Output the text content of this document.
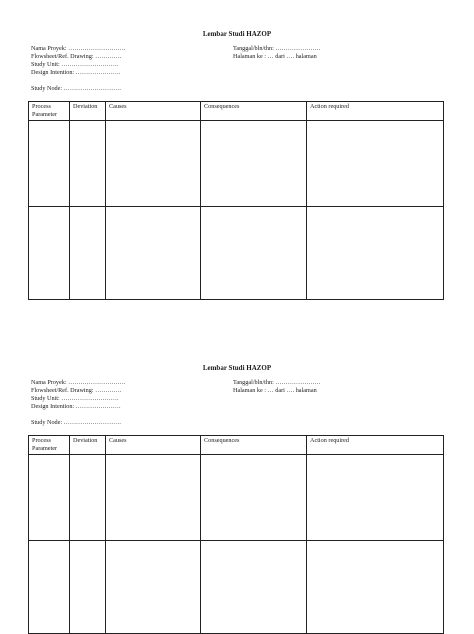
Lembar Studi HAZOP
Nama Proyek: ……………………….
Flowsheet/Ref. Drawing: ………….
Study Unit: ……………………….
Design Intention: ………………….
Study Node: ……………………….
Tanggal/bln/thn: ………………….
Halaman ke : … dari …. halaman
Process Parameter	Deviation	Causes	Consequences	Action required

Lembar Studi HAZOP
Nama Proyek: ……………………….
Flowsheet/Ref. Drawing: ………….
Study Unit: ……………………….
Design Intention: ………………….
Study Node: ……………………….
Tanggal/bln/thn: ………………….
Halaman ke : … dari …. halaman
Process Parameter	Deviation	Causes	Consequences	Action required
